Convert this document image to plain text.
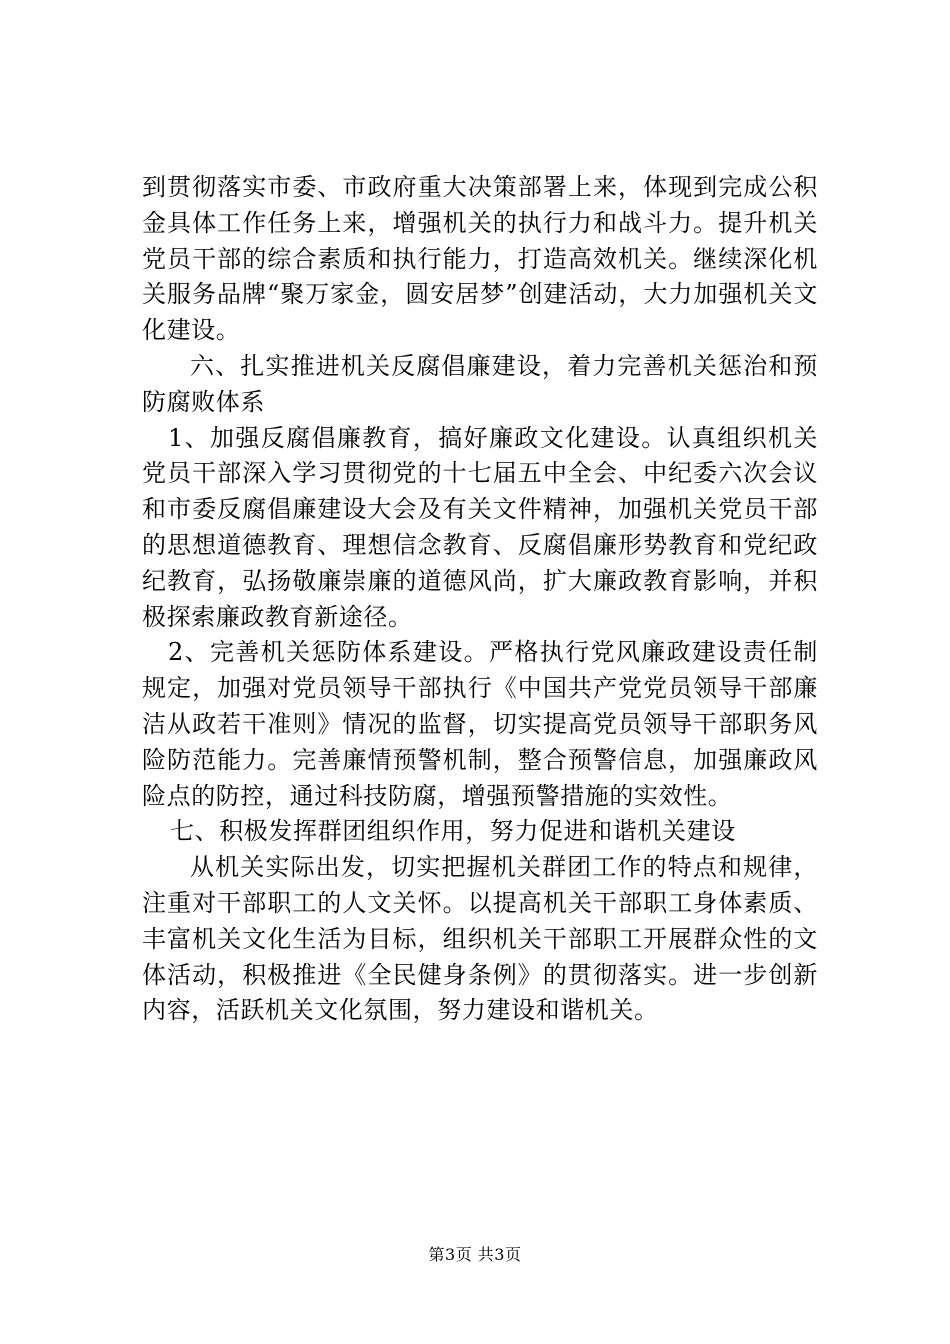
到贯彻落实市委、市政府重大决策部署上来，体现到完成公积金具体工作任务上来，增强机关的执行力和战斗力。提升机关党员干部的综合素质和执行能力，打造高效机关。继续深化机关服务品牌“聚万家金，圆安居梦”创建活动，大力加强机关文化建设。

六、扎实推进机关反腐倡廉建设，着力完善机关惩治和预防腐败体系

1、加强反腐倡廉教育，搞好廉政文化建设。认真组织机关党员干部深入学习贯彻党的十七届五中全会、中纪委六次会议和市委反腐倡廉建设大会及有关文件精神，加强机关党员干部的思想道德教育、理想信念教育、反腐倡廉形势教育和党纪政纪教育，弘扬敬廉崇廉的道德风尚，扩大廉政教育影响，并积极探索廉政教育新途径。

2、完善机关惩防体系建设。严格执行党风廉政建设责任制规定，加强对党员领导干部执行《中国共产党党员领导干部廉洁从政若干准则》情况的监督，切实提高党员领导干部职务风险防范能力。完善廉情预警机制，整合预警信息，加强廉政风险点的防控，通过科技防腐，增强预警措施的实效性。

七、积极发挥群团组织作用，努力促进和谐机关建设

从机关实际出发，切实把握机关群团工作的特点和规律，注重对干部职工的人文关怀。以提高机关干部职工身体素质、丰富机关文化生活为目标，组织机关干部职工开展群众性的文体活动，积极推进《全民健身条例》的贯彻落实。进一步创新内容，活跃机关文化氛围，努力建设和谐机关。

第3页 共3页
